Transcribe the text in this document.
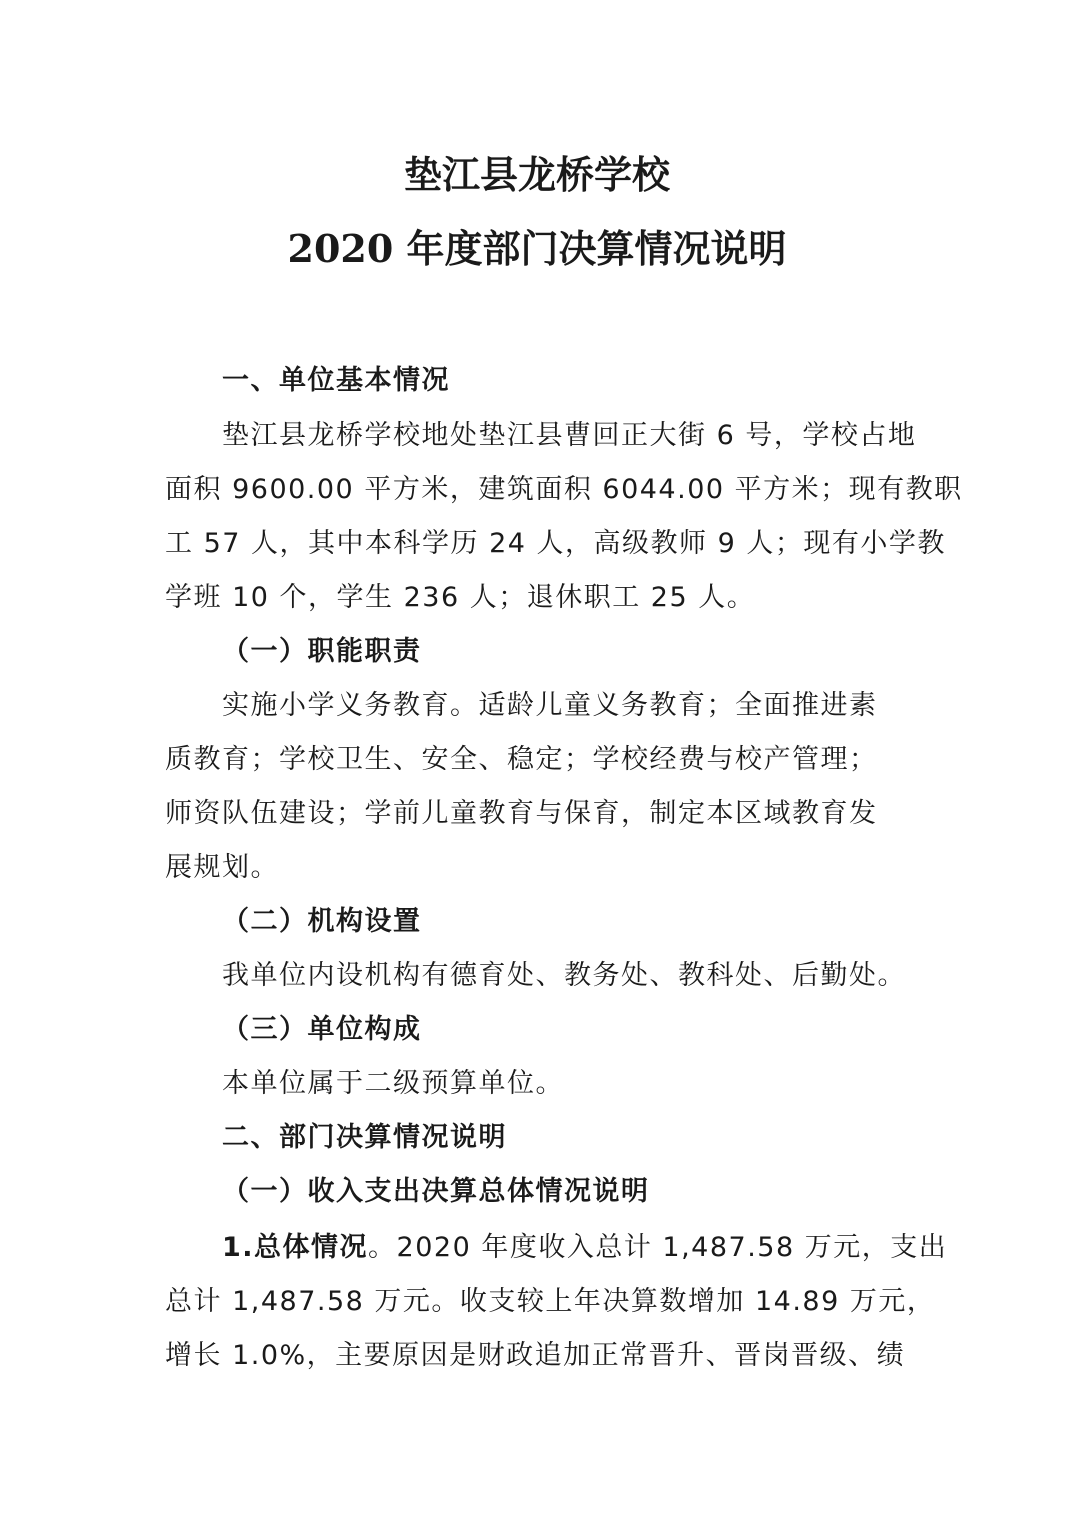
垫江县龙桥学校
2020 年度部门决算情况说明
一、单位基本情况
垫江县龙桥学校地处垫江县曹回正大街 6 号，学校占地
面积 9600.00 平方米，建筑面积 6044.00 平方米；现有教职
工 57 人，其中本科学历 24 人，高级教师 9 人；现有小学教
学班 10 个，学生 236 人；退休职工 25 人。
（一）职能职责
实施小学义务教育。适龄儿童义务教育；全面推进素
质教育；学校卫生、安全、稳定；学校经费与校产管理；
师资队伍建设；学前儿童教育与保育，制定本区域教育发
展规划。
（二）机构设置
我单位内设机构有德育处、教务处、教科处、后勤处。
（三）单位构成
本单位属于二级预算单位。
二、部门决算情况说明
（一）收入支出决算总体情况说明
1.总体情况。2020 年度收入总计 1,487.58 万元，支出
总计 1,487.58 万元。收支较上年决算数增加 14.89 万元，
增长 1.0%，主要原因是财政追加正常晋升、晋岗晋级、绩
